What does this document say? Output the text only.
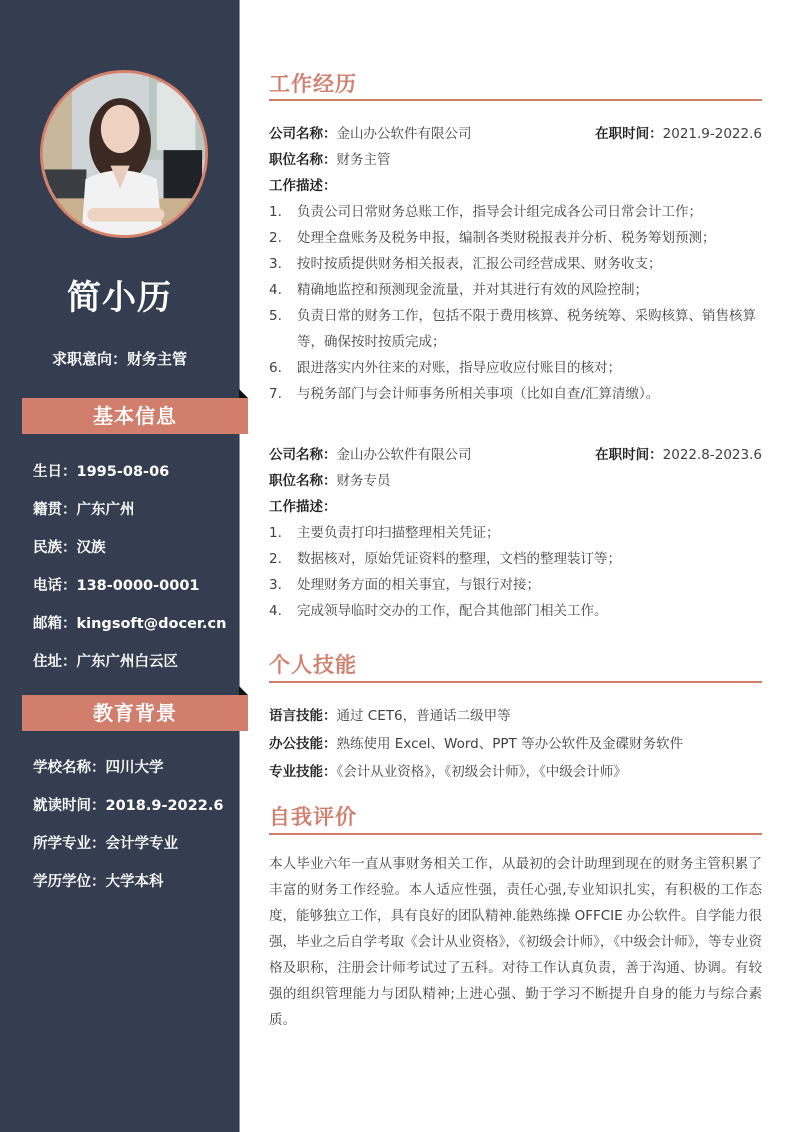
简小历
求职意向：财务主管
基本信息
生日：1995-08-06
籍贯：广东广州
民族：汉族
电话：138-0000-0001
邮箱：kingsoft@docer.cn
住址：广东广州白云区
教育背景
学校名称：四川大学
就读时间：2018.9-2022.6
所学专业：会计学专业
学历学位：大学本科
工作经历
公司名称：金山办公软件有限公司	在职时间：2021.9-2022.6
职位名称：财务主管
工作描述：
1.	负责公司日常财务总账工作，指导会计组完成各公司日常会计工作；
2.	处理全盘账务及税务申报，编制各类财税报表并分析、税务筹划预测；
3.	按时按质提供财务相关报表，汇报公司经营成果、财务收支；
4.	精确地监控和预测现金流量，并对其进行有效的风险控制；
5.	负责日常的财务工作，包括不限于费用核算、税务统筹、采购核算、销售核算等，确保按时按质完成；
6.	跟进落实内外往来的对账，指导应收应付账目的核对；
7.	与税务部门与会计师事务所相关事项（比如自查/汇算清缴）。
公司名称：金山办公软件有限公司	在职时间：2022.8-2023.6
职位名称：财务专员
工作描述：
1.	主要负责打印扫描整理相关凭证；
2.	数据核对，原始凭证资料的整理，文档的整理装订等；
3.	处理财务方面的相关事宜，与银行对接；
4.	完成领导临时交办的工作，配合其他部门相关工作。
个人技能
语言技能：通过 CET6，普通话二级甲等
办公技能：熟练使用 Excel、Word、PPT 等办公软件及金碟财务软件
专业技能：《会计从业资格》，《初级会计师》，《中级会计师》
自我评价
本人毕业六年一直从事财务相关工作，从最初的会计助理到现在的财务主管积累了丰富的财务工作经验。本人适应性强，责任心强,专业知识扎实，有积极的工作态度，能够独立工作，具有良好的团队精神.能熟练操 OFFCIE 办公软件。自学能力很强，毕业之后自学考取《会计从业资格》，《初级会计师》，《中级会计师》，等专业资格及职称，注册会计师考试过了五科。对待工作认真负责，善于沟通、协调。有较强的组织管理能力与团队精神;上进心强、勤于学习不断提升自身的能力与综合素质。
